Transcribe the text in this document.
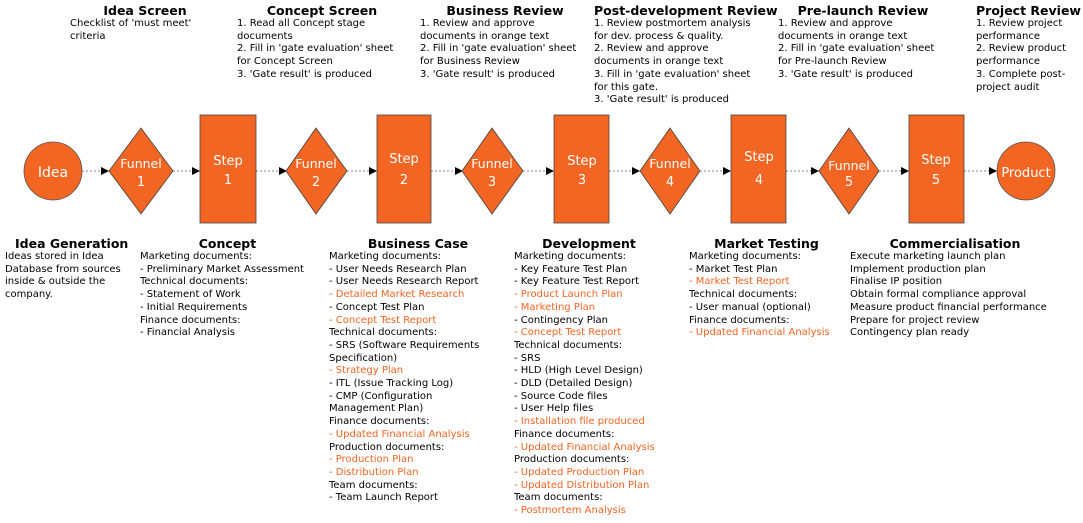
Idea Screen
Checklist of 'must meet'
criteria
Concept Screen
1. Read all Concept stage
documents
2. Fill in 'gate evaluation' sheet
for Concept Screen
3. 'Gate result' is produced
Business Review
1. Review and approve
documents in orange text
2. Fill in 'gate evaluation' sheet
for Business Review
3. 'Gate result' is produced
Post-development Review
1. Review postmortem analysis
for dev. process & quality.
2. Review and approve
documents in orange text
3. Fill in 'gate evaluation' sheet
for this gate.
3. 'Gate result' is produced
Pre-launch Review
1. Review and approve
documents in orange text
2. Fill in 'gate evaluation' sheet
for Pre-launch Review
3. 'Gate result' is produced
Project Review
1. Review project
performance
2. Review product
performance
3. Complete post-
project audit
Idea
Funnel
1
Step
1
Funnel
2
Step
2
Funnel
3
Step
3
Funnel
4
Step
4
Funnel
5
Step
5	Product
Idea Generation
Ideas stored in Idea
Database from sources
inside & outside the
company.
Concept
Marketing documents:
- Preliminary Market Assessment
Technical documents:
- Statement of Work
- Initial Requirements
Finance documents:
- Financial Analysis
Business Case
Marketing documents:
- User Needs Research Plan
- User Needs Research Report
- Detailed Market Research
- Concept Test Plan
- Concept Test Report
Technical documents:
- SRS (Software Requirements
Specification)
- Strategy Plan
- ITL (Issue Tracking Log)
- CMP (Configuration
Management Plan)
Finance documents:
- Updated Financial Analysis
Production documents:
- Production Plan
- Distribution Plan
Team documents:
- Team Launch Report
Development
Marketing documents:
- Key Feature Test Plan
- Key Feature Test Report
- Product Launch Plan
- Marketing Plan
- Contingency Plan
- Concept Test Report
Technical documents:
- SRS
- HLD (High Level Design)
- DLD (Detailed Design)
- Source Code files
- User Help files
- Installation file produced
Finance documents:
- Updated Financial Analysis
Production documents:
- Updated Production Plan
- Updated Distribution Plan
Team documents:
- Postmortem Analysis
Market Testing
Marketing documents:
- Market Test Plan
- Market Test Report
Technical documents:
- User manual (optional)
Finance documents:
- Updated Financial Analysis
Commercialisation
Execute marketing launch plan
Implement production plan
Finalise IP position
Obtain formal compliance approval
Measure product financial performance
Prepare for project review
Contingency plan ready
